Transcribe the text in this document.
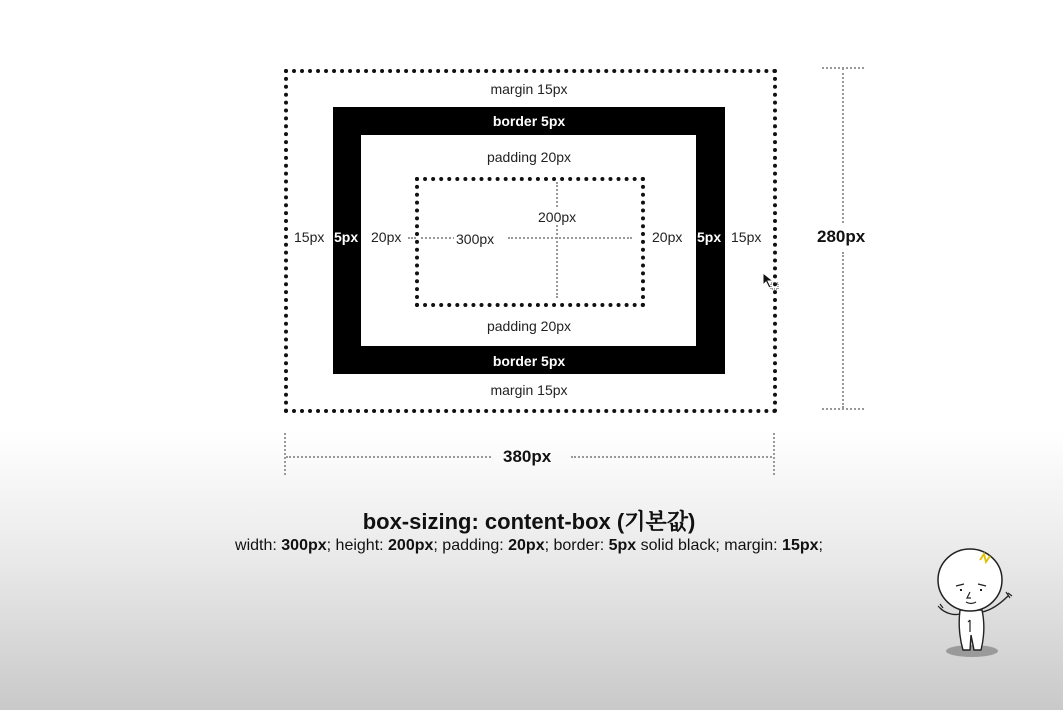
margin 15px
border 5px
padding 20px
padding 20px
border 5px
margin 15px
200px
300px
15px 5px 20px	20px 5px 15px	280px
380px
box-sizing: content-box (기본값)
width: 300px; height: 200px; padding: 20px; border: 5px solid black; margin: 15px;
